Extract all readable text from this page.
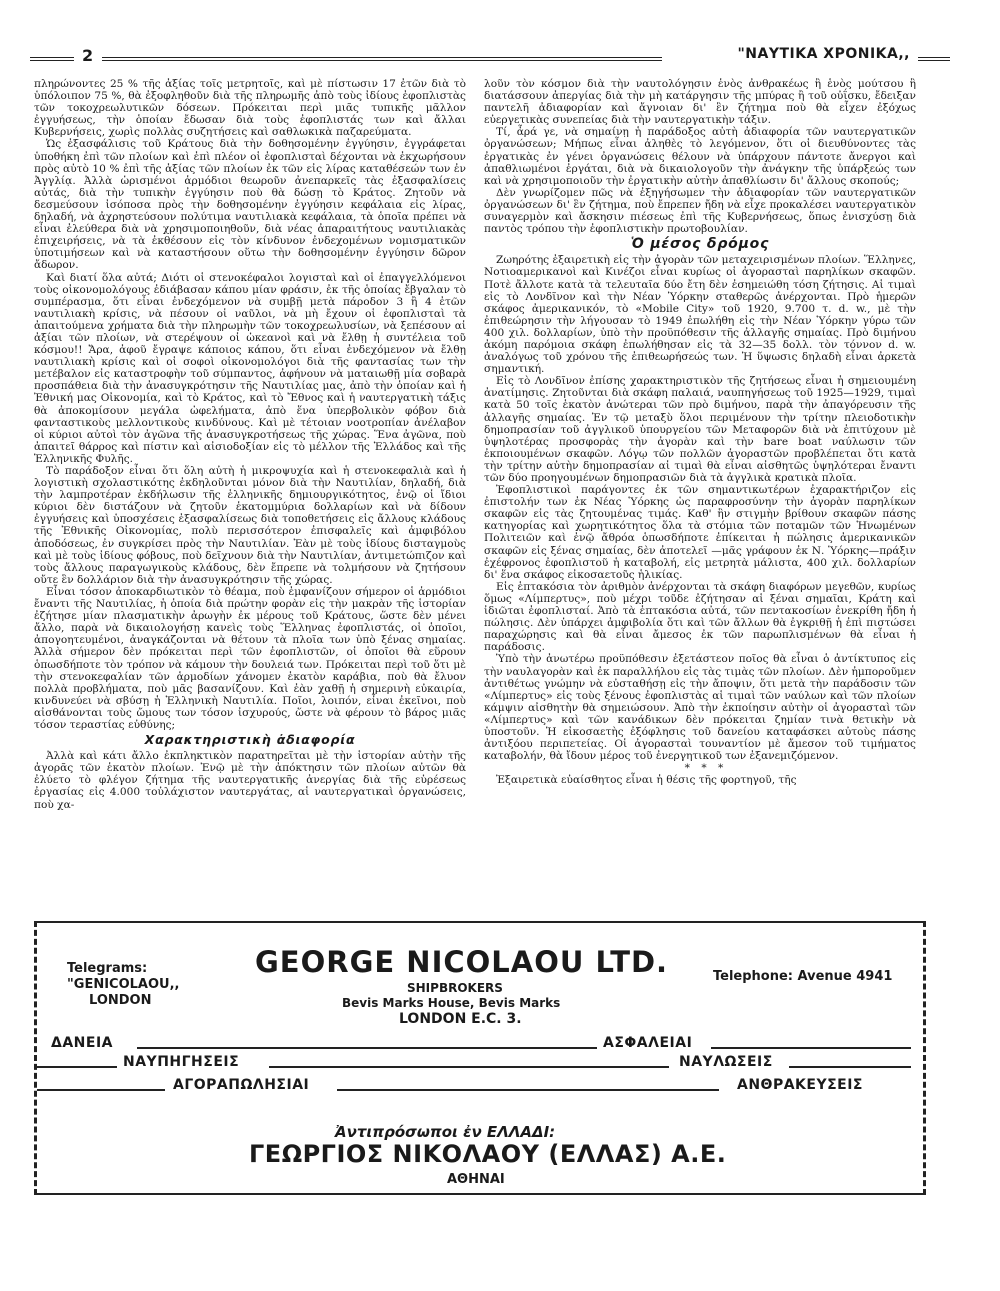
2	"ΝΑΥΤΙΚΑ ΧΡΟΝΙΚΑ,,

πληρώνοντες 25 % τῆς ἀξίας τοῖς μετρητοῖς, καὶ μὲ πίστωσιν 17 ἐτῶν διὰ τὸ ὑπόλοιπον 75 %, θὰ ἐξοφληθοῦν διὰ τῆς πληρωμῆς ἀπὸ τοὺς ἰδίους ἐφοπλιστὰς τῶν τοκοχρεωλυτικῶν δόσεων. Πρόκειται περὶ μιᾶς τυπικῆς μᾶλλον ἐγγυήσεως, τὴν ὁποίαν ἔδωσαν διὰ τοὺς ἐφοπλιστάς των καὶ ἄλλαι Κυβερνήσεις, χωρὶς πολλὰς συζητήσεις καὶ σαθλωκικὰ παζαρεύματα.

Ὡς ἐξασφάλισις τοῦ Κράτους διὰ τὴν δοθησομένην ἐγγύησιν, ἐγγράφεται ὑποθήκη ἐπὶ τῶν πλοίων καὶ ἐπὶ πλέον οἱ ἐφοπλισταὶ δέχονται νὰ ἐκχωρήσουν πρὸς αὐτὸ 10 % ἐπὶ τῆς ἀξίας τῶν πλοίων ἐκ τῶν εἰς λίρας καταθέσεών των ἐν Ἀγγλίᾳ. Ἀλλὰ ὡρισμένοι ἁρμόδιοι θεωροῦν ἀνεπαρκεῖς τὰς ἐξασφαλίσεις αὐτάς, διὰ τὴν τυπικὴν ἐγγύησιν ποὺ θὰ δώσῃ τὸ Κράτος. Ζητοῦν νὰ δεσμεύσουν ἰσόποσα πρὸς τὴν δοθησομένην ἐγγύησιν κεφάλαια εἰς λίρας, δηλαδή, νὰ ἀχρηστεύσουν πολύτιμα ναυτιλιακὰ κεφάλαια, τὰ ὁποῖα πρέπει νὰ εἶναι ἐλεύθερα διὰ νὰ χρησιμοποιηθοῦν, διὰ νέας ἀπαραιτήτους ναυτιλιακὰς ἐπιχειρήσεις, νὰ τὰ ἐκθέσουν εἰς τὸν κίνδυνον ἐνδεχομένων νομισματικῶν ὑποτιμήσεων καὶ νὰ καταστήσουν οὕτω τὴν δοθησομένην ἐγγύησιν δῶρον ἄδωρον.

Καὶ διατί ὅλα αὐτά; Διότι οἱ στενοκέφαλοι λογισταὶ καὶ οἱ ἐπαγγελλόμενοι τοὺς οἰκονομολόγους ἐδιάβασαν κάπου μίαν φράσιν, ἐκ τῆς ὁποίας ἔβγαλαν τὸ συμπέρασμα, ὅτι εἶναι ἐνδεχόμενον νὰ συμβῇ μετὰ πάροδον 3 ἢ 4 ἐτῶν ναυτιλιακὴ κρίσις, νὰ πέσουν οἱ ναῦλοι, νὰ μὴ ἔχουν οἱ ἐφοπλισταὶ τὰ ἀπαιτούμενα χρήματα διὰ τὴν πληρωμὴν τῶν τοκοχρεωλυσίων, νὰ ξεπέσουν αἱ ἀξίαι τῶν πλοίων, νὰ στερέψουν οἱ ὠκεανοὶ καὶ νὰ ἔλθῃ ἡ συντέλεια τοῦ κόσμου!! Ἄρα, ἀφοῦ ἔγραψε κάποιος κάπου, ὅτι εἶναι ἐνδεχόμενον νὰ ἔλθῃ ναυτιλιακὴ κρίσις καὶ οἱ σοφοὶ οἰκονομολόγοι διὰ τῆς φαντασίας των τὴν μετέβαλον εἰς καταστροφὴν τοῦ σύμπαντος, ἀφήνουν νὰ ματαιωθῇ μία σοβαρὰ προσπάθεια διὰ τὴν ἀνασυγκρότησιν τῆς Ναυτιλίας μας, ἀπὸ τὴν ὁποίαν καὶ ἡ Ἐθνική μας Οἰκονομία, καὶ τὸ Κράτος, καὶ τὸ Ἔθνος καὶ ἡ ναυτεργατικὴ τάξις θὰ ἀποκομίσουν μεγάλα ὠφελήματα, ἀπὸ ἕνα ὑπερβολικὸν φόβον διὰ φανταστικοὺς μελλοντικοὺς κινδύνους. Καὶ μὲ τέτοιαν νοοτροπίαν ἀνέλαβον οἱ κύριοι αὐτοὶ τὸν ἀγῶνα τῆς ἀνασυγκροτήσεως τῆς χώρας. Ἕνα ἀγῶνα, ποὺ ἀπαιτεῖ θάρρος καὶ πίστιν καὶ αἰσιοδοξίαν εἰς τὸ μέλλον τῆς Ἑλλάδος καὶ τῆς Ἑλληνικῆς Φυλῆς.

Τὸ παράδοξον εἶναι ὅτι ὅλη αὐτὴ ἡ μικροψυχία καὶ ἡ στενοκεφαλιὰ καὶ ἡ λογιστικὴ σχολαστικότης ἐκδηλοῦνται μόνον διὰ τὴν Ναυτιλίαν, δηλαδή, διὰ τὴν λαμπροτέραν ἐκδήλωσιν τῆς ἑλληνικῆς δημιουργικότητος, ἐνῷ οἱ ἴδιοι κύριοι δὲν διστάζουν νὰ ζητοῦν ἑκατομμύρια δολλαρίων καὶ νὰ δίδουν ἐγγυήσεις καὶ ὑποσχέσεις ἐξασφαλίσεως διὰ τοποθετήσεις εἰς ἄλλους κλάδους τῆς Ἐθνικῆς Οἰκονομίας, πολὺ περισσότερον ἐπισφαλεῖς καὶ ἀμφιβόλου ἀποδόσεως, ἐν συγκρίσει πρὸς τὴν Ναυτιλίαν. Ἐὰν μὲ τοὺς ἰδίους δισταγμοὺς καὶ μὲ τοὺς ἰδίους φόβους, ποὺ δεῖχνουν διὰ τὴν Ναυτιλίαν, ἀντιμετώπιζον καὶ τοὺς ἄλλους παραγωγικοὺς κλάδους, δὲν ἔπρεπε νὰ τολμήσουν νὰ ζητήσουν οὔτε ἓν δολλάριον διὰ τὴν ἀνασυγκρότησιν τῆς χώρας.

Εἶναι τόσον ἀποκαρδιωτικὸν τὸ θέαμα, ποὺ ἐμφανίζουν σήμερον οἱ ἁρμόδιοι ἔναντι τῆς Ναυτιλίας, ἡ ὁποία διὰ πρώτην φορὰν εἰς τὴν μακρὰν τῆς ἱστορίαν ἐζήτησε μίαν πλασματικὴν ἀρωγὴν ἐκ μέρους τοῦ Κράτους, ὥστε δὲν μένει ἄλλο, παρὰ νὰ δικαιολογήσῃ κανεὶς τοὺς Ἕλληνας ἐφοπλιστάς, οἱ ὁποῖοι, ἀπογοητευμένοι, ἀναγκάζονται νὰ θέτουν τὰ πλοῖα των ὑπὸ ξένας σημαίας. Ἀλλὰ σήμερον δὲν πρόκειται περὶ τῶν ἐφοπλιστῶν, οἱ ὁποῖοι θὰ εὕρουν ὁπωσδήποτε τὸν τρόπον νὰ κάμουν τὴν δουλειά των. Πρόκειται περὶ τοῦ ὅτι μὲ τὴν στενοκεφαλίαν τῶν ἁρμοδίων χάνομεν ἑκατὸν καράβια, ποὺ θὰ ἔλυον πολλὰ προβλήματα, ποὺ μᾶς βασανίζουν. Καὶ ἐὰν χαθῇ ἡ σημερινὴ εὐκαιρία, κινδυνεύει νὰ σβύσῃ ἡ Ἑλληνικὴ Ναυτιλία. Ποῖοι, λοιπόν, εἶναι ἐκεῖνοι, ποὺ αἰσθάνονται τοὺς ὤμους των τόσον ἰσχυρούς, ὥστε νὰ φέρουν τὸ βάρος μιᾶς τόσον τεραστίας εὐθύνης;

Χαρακτηριστικὴ ἀδιαφορία

Ἀλλὰ καὶ κάτι ἄλλο ἐκπληκτικὸν παρατηρεῖται μὲ τὴν ἱστορίαν αὐτὴν τῆς ἀγορᾶς τῶν ἑκατὸν πλοίων. Ἐνῷ μὲ τὴν ἀπόκτησιν τῶν πλοίων αὐτῶν θὰ ἐλύετο τὸ φλέγον ζήτημα τῆς ναυτεργατικῆς ἀνεργίας διὰ τῆς εὑρέσεως ἐργασίας εἰς 4.000 τοὐλάχιστον ναυτεργάτας, αἱ ναυτεργατικαὶ ὀργανώσεις, ποὺ χα-

λοῦν τὸν κόσμον διὰ τὴν ναυτολόγησιν ἑνὸς ἀνθρακέως ἢ ἑνὸς μούτσου ἢ διατάσσουν ἀπεργίας διὰ τὴν μὴ κατάργησιν τῆς μπύρας ἢ τοῦ οὐΐσκυ, ἔδειξαν παντελῆ ἀδιαφορίαν καὶ ἄγνοιαν δι' ἓν ζήτημα ποὺ θὰ εἶχεν ἐξόχως εὐεργετικὰς συνεπείας διὰ τὴν ναυτεργατικὴν τάξιν.

Τί, ἆρά γε, νὰ σημαίνῃ ἡ παράδοξος αὐτὴ ἀδιαφορία τῶν ναυτεργατικῶν ὀργανώσεων; Μήπως εἶναι ἀληθὲς τὸ λεγόμενον, ὅτι οἱ διευθύνοντες τὰς ἐργατικὰς ἐν γένει ὀργανώσεις θέλουν νὰ ὑπάρχουν πάντοτε ἄνεργοι καὶ ἀπαθλιωμένοι ἐργάται, διὰ νὰ δικαιολογοῦν τὴν ἀνάγκην τῆς ὑπάρξεώς των καὶ νὰ χρησιμοποιοῦν τὴν ἐργατικὴν αὐτὴν ἀπαθλίωσιν δι' ἄλλους σκοπούς;

Δὲν γνωρίζομεν πῶς νὰ ἐξηγήσωμεν τὴν ἀδιαφορίαν τῶν ναυτεργατικῶν ὀργανώσεων δι' ἓν ζήτημα, ποὺ ἔπρεπεν ἤδη νὰ εἶχε προκαλέσει ναυτεργατικὸν συναγερμὸν καὶ ἄσκησιν πιέσεως ἐπὶ τῆς Κυβερνήσεως, ὅπως ἐνισχύσῃ διὰ παντὸς τρόπου τὴν ἐφοπλιστικὴν πρωτοβουλίαν.

Ὁ μέσος δρόμος

Ζωηρότης ἐξαιρετικὴ εἰς τὴν ἀγορὰν τῶν μεταχειρισμένων πλοίων. Ἕλληνες, Νοτιοαμερικανοὶ καὶ Κινέζοι εἶναι κυρίως οἱ ἀγορασταὶ παρηλίκων σκαφῶν. Ποτὲ ἄλλοτε κατὰ τὰ τελευταῖα δύο ἔτη δὲν ἐσημειώθη τόση ζήτησις. Αἱ τιμαὶ εἰς τὸ Λονδῖνον καὶ τὴν Νέαν Ὑόρκην σταθερῶς ἀνέρχονται. Πρὸ ἡμερῶν σκάφος ἀμερικανικόν, τὸ «Mobile City» τοῦ 1920, 9.700 τ. d. w., μὲ τὴν ἐπιθεώρησιν τὴν λήγουσαν τὸ 1949 ἐπωλήθη εἰς τὴν Νέαν Ὑόρκην γύρω τῶν 400 χιλ. δολλαρίων, ὑπὸ τὴν προϋπόθεσιν τῆς ἀλλαγῆς σημαίας. Πρὸ διμήνου ἀκόμη παρόμοια σκάφη ἐπωλήθησαν εἰς τὰ 32—35 δολλ. τὸν τόννον d. w. ἀναλόγως τοῦ χρόνου τῆς ἐπιθεωρήσεώς των. Ἡ ὕψωσις δηλαδὴ εἶναι ἀρκετὰ σημαντική.

Εἰς τὸ Λονδῖνον ἐπίσης χαρακτηριστικὸν τῆς ζητήσεως εἶναι ἡ σημειουμένη ἀνατίμησις. Ζητοῦνται διὰ σκάφη παλαιά, ναυπηγήσεως τοῦ 1925—1929, τιμαὶ κατὰ 50 τοῖς ἑκατὸν ἀνώτεραι τῶν πρὸ διμήνου, παρὰ τὴν ἀπαγόρευσιν τῆς ἀλλαγῆς σημαίας. Ἐν τῷ μεταξὺ ὅλοι περιμένουν τὴν τρίτην πλειοδοτικὴν δημοπρασίαν τοῦ ἀγγλικοῦ ὑπουργείου τῶν Μεταφορῶν διὰ νὰ ἐπιτύχουν μὲ ὑψηλοτέρας προσφορὰς τὴν ἀγορὰν καὶ τὴν bare boat ναύλωσιν τῶν ἐκποιουμένων σκαφῶν. Λόγῳ τῶν πολλῶν ἀγοραστῶν προβλέπεται ὅτι κατὰ τὴν τρίτην αὐτὴν δημοπρασίαν αἱ τιμαὶ θὰ εἶναι αἰσθητῶς ὑψηλότεραι ἔναντι τῶν δύο προηγουμένων δημοπρασιῶν διὰ τὰ ἀγγλικὰ κρατικὰ πλοῖα.

Ἐφοπλιστικοὶ παράγοντες ἐκ τῶν σημαντικωτέρων ἐχαρακτήριζον εἰς ἐπιστολήν των ἐκ Νέας Ὑόρκης ὡς παραφροσύνην τὴν ἀγορὰν παρηλίκων σκαφῶν εἰς τὰς ζητουμένας τιμάς. Καθ' ἣν στιγμὴν βρίθουν σκαφῶν πάσης κατηγορίας καὶ χωρητικότητος ὅλα τὰ στόμια τῶν ποταμῶν τῶν Ἡνωμένων Πολιτειῶν καὶ ἐνῷ ἄθρόα ὁπωσδήποτε ἐπίκειται ἡ πώλησις ἀμερικανικῶν σκαφῶν εἰς ξένας σημαίας, δὲν ἀποτελεῖ —μᾶς γράφουν ἐκ Ν. Ὑόρκης—πράξιν ἐχέφρονος ἐφοπλιστοῦ ἡ καταβολή, εἰς μετρητὰ μάλιστα, 400 χιλ. δολλαρίων δι' ἕνα σκάφος εἰκοσαετοῦς ἡλικίας.

Εἰς ἑπτακόσια τὸν ἀριθμὸν ἀνέρχονται τὰ σκάφη διαφόρων μεγεθῶν, κυρίως ὅμως «Λίμπερτυς», ποὺ μέχρι τοῦδε ἐζήτησαν αἱ ξέναι σημαῖαι, Κράτη καὶ ἰδιῶται ἐφοπλισταί. Ἀπὸ τὰ ἑπτακόσια αὐτά, τῶν πεντακοσίων ἐνεκρίθη ἤδη ἡ πώλησις. Δὲν ὑπάρχει ἀμφιβολία ὅτι καὶ τῶν ἄλλων θὰ ἐγκριθῇ ἡ ἐπὶ πιστώσει παραχώρησις καὶ θὰ εἶναι ἄμεσος ἐκ τῶν παρωπλισμένων θὰ εἶναι ἡ παράδοσις.

Ὑπὸ τὴν ἀνωτέρω προϋπόθεσιν ἐξετάστεον ποῖος θὰ εἶναι ὁ ἀντίκτυπος εἰς τὴν ναυλαγορὰν καὶ ἐκ παραλλήλου εἰς τὰς τιμὰς τῶν πλοίων. Δὲν ἠμποροῦμεν ἀντιθέτως γνώμην νὰ εὐσταθήσῃ εἰς τὴν ἄποψιν, ὅτι μετὰ τὴν παράδοσιν τῶν «Λίμπερτυς» εἰς τοὺς ξένους ἐφοπλιστὰς αἱ τιμαὶ τῶν ναύλων καὶ τῶν πλοίων κάμψιν αἰσθητὴν θὰ σημειώσουν. Ἀπὸ τὴν ἐκποίησιν αὐτὴν οἱ ἀγορασταὶ τῶν «Λίμπερτυς» καὶ τῶν κανάδικων δὲν πρόκειται ζημίαν τινὰ θετικὴν νὰ ὑποστοῦν. Ἡ εἰκοσαετὴς ἐξόφλησις τοῦ δανείου καταφάσκει αὐτοὺς πάσης ἀντιξόου περιπετείας. Οἱ ἀγορασταὶ τουναντίον μὲ ἄμεσον τοῦ τιμήματος καταβολήν, θὰ ἴδουν μέρος τοῦ ἐνεργητικοῦ των ἐξανεμιζόμενον.

* * *

Ἐξαιρετικὰ εὐαίσθητος εἶναι ἡ θέσις τῆς φορτηγοῦ, τῆς

Telegrams:
"GENICOLAOU,,

LONDON
GEORGE NICOLAOU LTD.	Telephone: Avenue 4941
SHIPBROKERS
Bevis Marks House, Bevis Marks
LONDON E.C. 3.
ΔΑΝΕΙΑ	ΑΣΦΑΛΕΙΑΙ
ΝΑΥΠΗΓΗΣΕΙΣ	ΝΑΥΛΩΣΕΙΣ
ΑΓΟΡΑΠΩΛΗΣΙΑΙ	ΑΝΘΡΑΚΕΥΣΕΙΣ
Ἀντιπρόσωποι ἐν ΕΛΛΑΔΙ:
ΓΕΩΡΓΙΟΣ ΝΙΚΟΛΑΟΥ (ΕΛΛΑΣ) Α.Ε.
ΑΘΗΝΑΙ
